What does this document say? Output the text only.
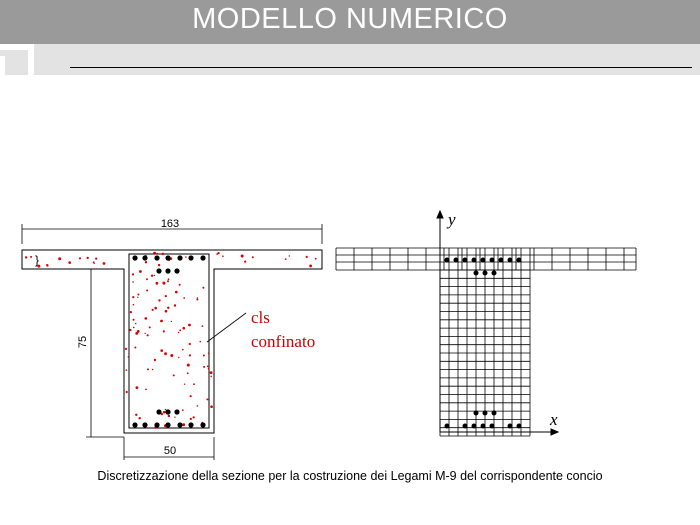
MODELLO NUMERICO
163
}
75
50
cls
confinato
y
x
Discretizzazione della sezione per la costruzione dei Legami M-9 del corrispondente concio
